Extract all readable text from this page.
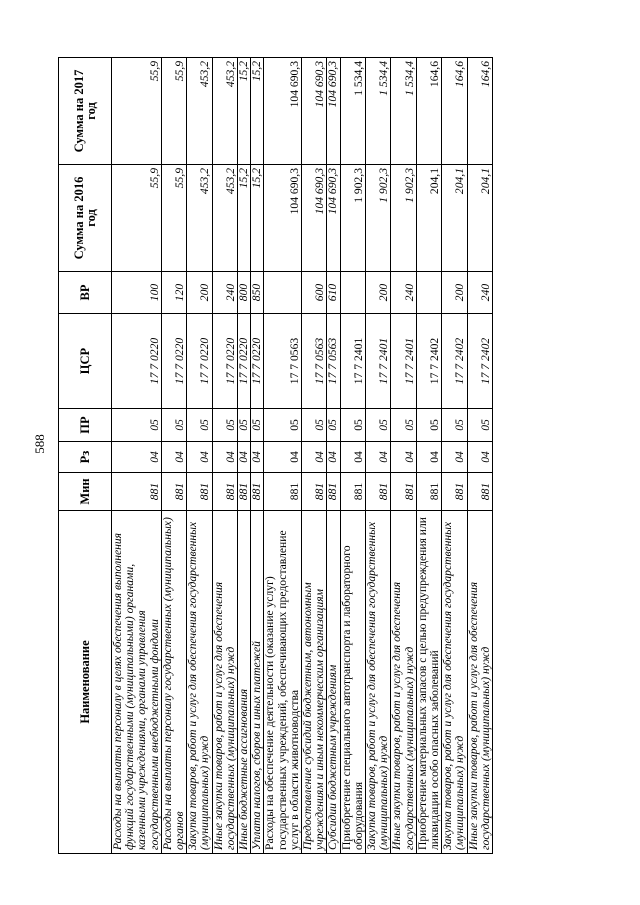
588
Наименование	Мин	Рз	ПР	ЦСР	ВР	Сумма на 2016 год	Сумма на 2017 год
Расходы на выплаты персоналу в целях обеспечения выполнения функций государственными (муниципальными) органами, казенными учреждениями, органами управления государственными внебюджетными фондами	881	04	05	17 7 0220	100	55,9	55,9
Расходы на выплаты персоналу государственных (муниципальных) органов	881	04	05	17 7 0220	120	55,9	55,9
Закупка товаров, работ и услуг для обеспечения государственных (муниципальных) нужд	881	04	05	17 7 0220	200	453,2	453,2
Иные закупки товаров, работ и услуг для обеспечения государственных (муниципальных) нужд	881	04	05	17 7 0220	240	453,2	453,2
Иные бюджетные ассигнования	881	04	05	17 7 0220	800	15,2	15,2
Уплата налогов, сборов и иных платежей	881	04	05	17 7 0220	850	15,2	15,2
Расходы на обеспечение деятельности (оказание услуг) государственных учреждений, обеспечивающих предоставление услуг в области животноводства	881	04	05	17 7 0563		104 690,3	104 690,3
Предоставление субсидий бюджетным, автономным учреждениям и иным некоммерческим организациям	881	04	05	17 7 0563	600	104 690,3	104 690,3
Субсидии бюджетным учреждениям	881	04	05	17 7 0563	610	104 690,3	104 690,3
Приобретение специального автотранспорта и лабораторного оборудования	881	04	05	17 7 2401		1 902,3	1 534,4
Закупка товаров, работ и услуг для обеспечения государственных (муниципальных) нужд	881	04	05	17 7 2401	200	1 902,3	1 534,4
Иные закупки товаров, работ и услуг для обеспечения государственных (муниципальных) нужд	881	04	05	17 7 2401	240	1 902,3	1 534,4
Приобретение материальных запасов с целью предупреждения или ликвидации особо опасных заболеваний	881	04	05	17 7 2402		204,1	164,6
Закупка товаров, работ и услуг для обеспечения государственных (муниципальных) нужд	881	04	05	17 7 2402	200	204,1	164,6
Иные закупки товаров, работ и услуг для обеспечения государственных (муниципальных) нужд	881	04	05	17 7 2402	240	204,1	164,6
